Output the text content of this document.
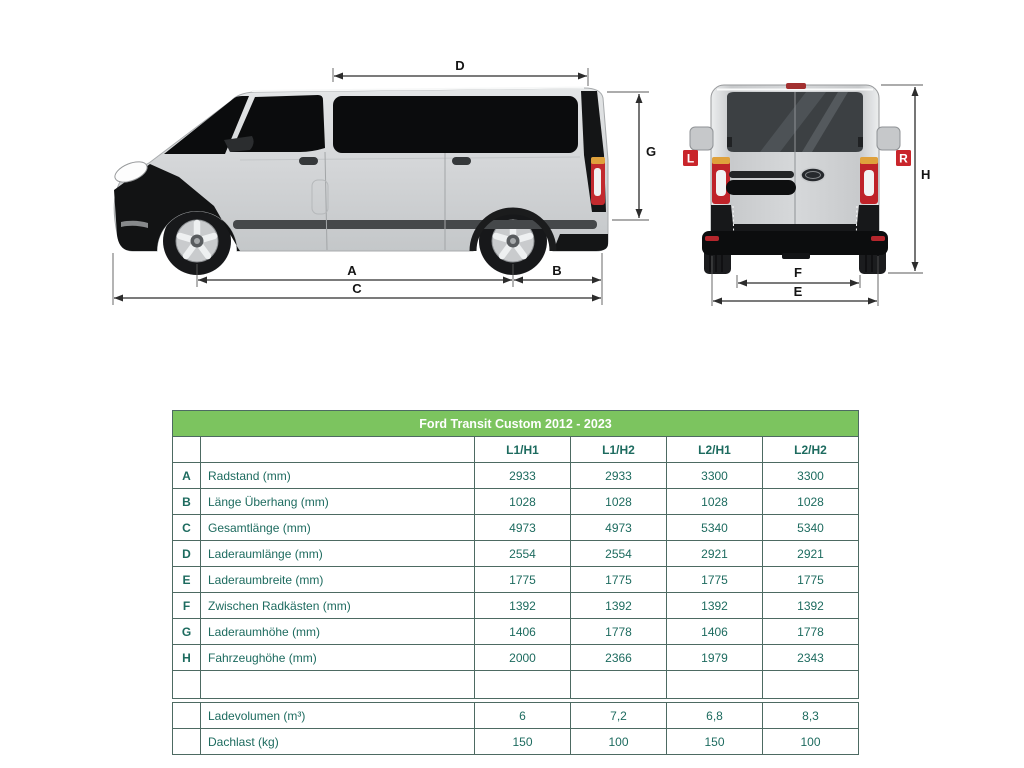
L	R
D
G
A	B
C
H
F
E
Ford Transit Custom 2012 - 2023					
		L1/H1	L1/H2	L2/H1	L2/H2
A	Radstand (mm)	2933	2933	3300	3300
B	Länge Überhang (mm)	1028	1028	1028	1028
C	Gesamtlänge (mm)	4973	4973	5340	5340
D	Laderaumlänge (mm)	2554	2554	2921	2921
E	Laderaumbreite (mm)	1775	1775	1775	1775
F	Zwischen Radkästen (mm)	1392	1392	1392	1392
G	Laderaumhöhe (mm)	1406	1778	1406	1778
H	Fahrzeughöhe (mm)	2000	2366	1979	2343

	Ladevolumen (m³)	6	7,2	6,8	8,3
	Dachlast (kg)	150	100	150	100
